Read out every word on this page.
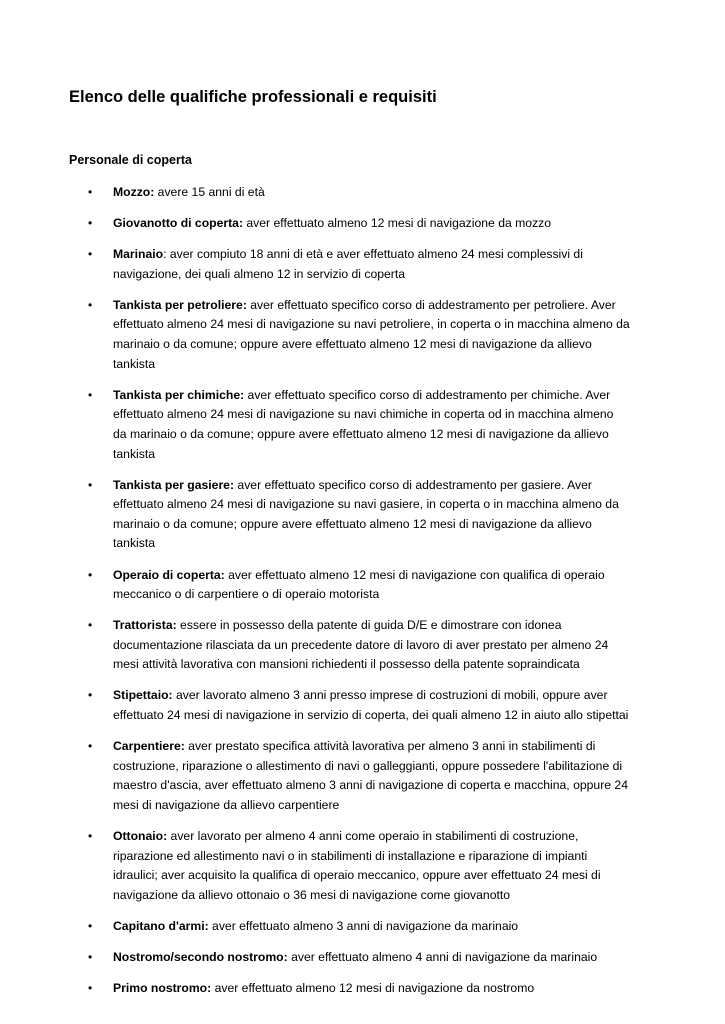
Elenco delle qualifiche professionali e requisiti
Personale di coperta
• Mozzo: avere 15 anni di età
• Giovanotto di coperta: aver effettuato almeno 12 mesi di navigazione da mozzo
• Marinaio: aver compiuto 18 anni di età e aver effettuato almeno 24 mesi complessivi di navigazione, dei quali almeno 12 in servizio di coperta
• Tankista per petroliere: aver effettuato specifico corso di addestramento per petroliere. Aver effettuato almeno 24 mesi di navigazione su navi petroliere, in coperta o in macchina almeno da marinaio o da comune; oppure avere effettuato almeno 12 mesi di navigazione da allievo tankista
• Tankista per chimiche: aver effettuato specifico corso di addestramento per chimiche. Aver effettuato almeno 24 mesi di navigazione su navi chimiche in coperta od in macchina almeno da marinaio o da comune; oppure avere effettuato almeno 12 mesi di navigazione da allievo tankista
• Tankista per gasiere: aver effettuato specifico corso di addestramento per gasiere. Aver effettuato almeno 24 mesi di navigazione su navi gasiere, in coperta o in macchina almeno da marinaio o da comune; oppure avere effettuato almeno 12 mesi di navigazione da allievo tankista
• Operaio di coperta: aver effettuato almeno 12 mesi di navigazione con qualifica di operaio meccanico o di carpentiere o di operaio motorista
• Trattorista: essere in possesso della patente di guida D/E e dimostrare con idonea documentazione rilasciata da un precedente datore di lavoro di aver prestato per almeno 24 mesi attività lavorativa con mansioni richiedenti il possesso della patente sopraindicata
• Stipettaio: aver lavorato almeno 3 anni presso imprese di costruzioni di mobili, oppure aver effettuato 24 mesi di navigazione in servizio di coperta, dei quali almeno 12 in aiuto allo stipettai
• Carpentiere: aver prestato specifica attività lavorativa per almeno 3 anni in stabilimenti di costruzione, riparazione o allestimento di navi o galleggianti, oppure possedere l'abilitazione di maestro d'ascia, aver effettuato almeno 3 anni di navigazione di coperta e macchina, oppure 24 mesi di navigazione da allievo carpentiere
• Ottonaio: aver lavorato per almeno 4 anni come operaio in stabilimenti di costruzione, riparazione ed allestimento navi o in stabilimenti di installazione e riparazione di impianti idraulici; aver acquisito la qualifica di operaio meccanico, oppure aver effettuato 24 mesi di navigazione da allievo ottonaio o 36 mesi di navigazione come giovanotto
• Capitano d'armi: aver effettuato almeno 3 anni di navigazione da marinaio
• Nostromo/secondo nostromo: aver effettuato almeno 4 anni di navigazione da marinaio
• Primo nostromo: aver effettuato almeno 12 mesi di navigazione da nostromo
